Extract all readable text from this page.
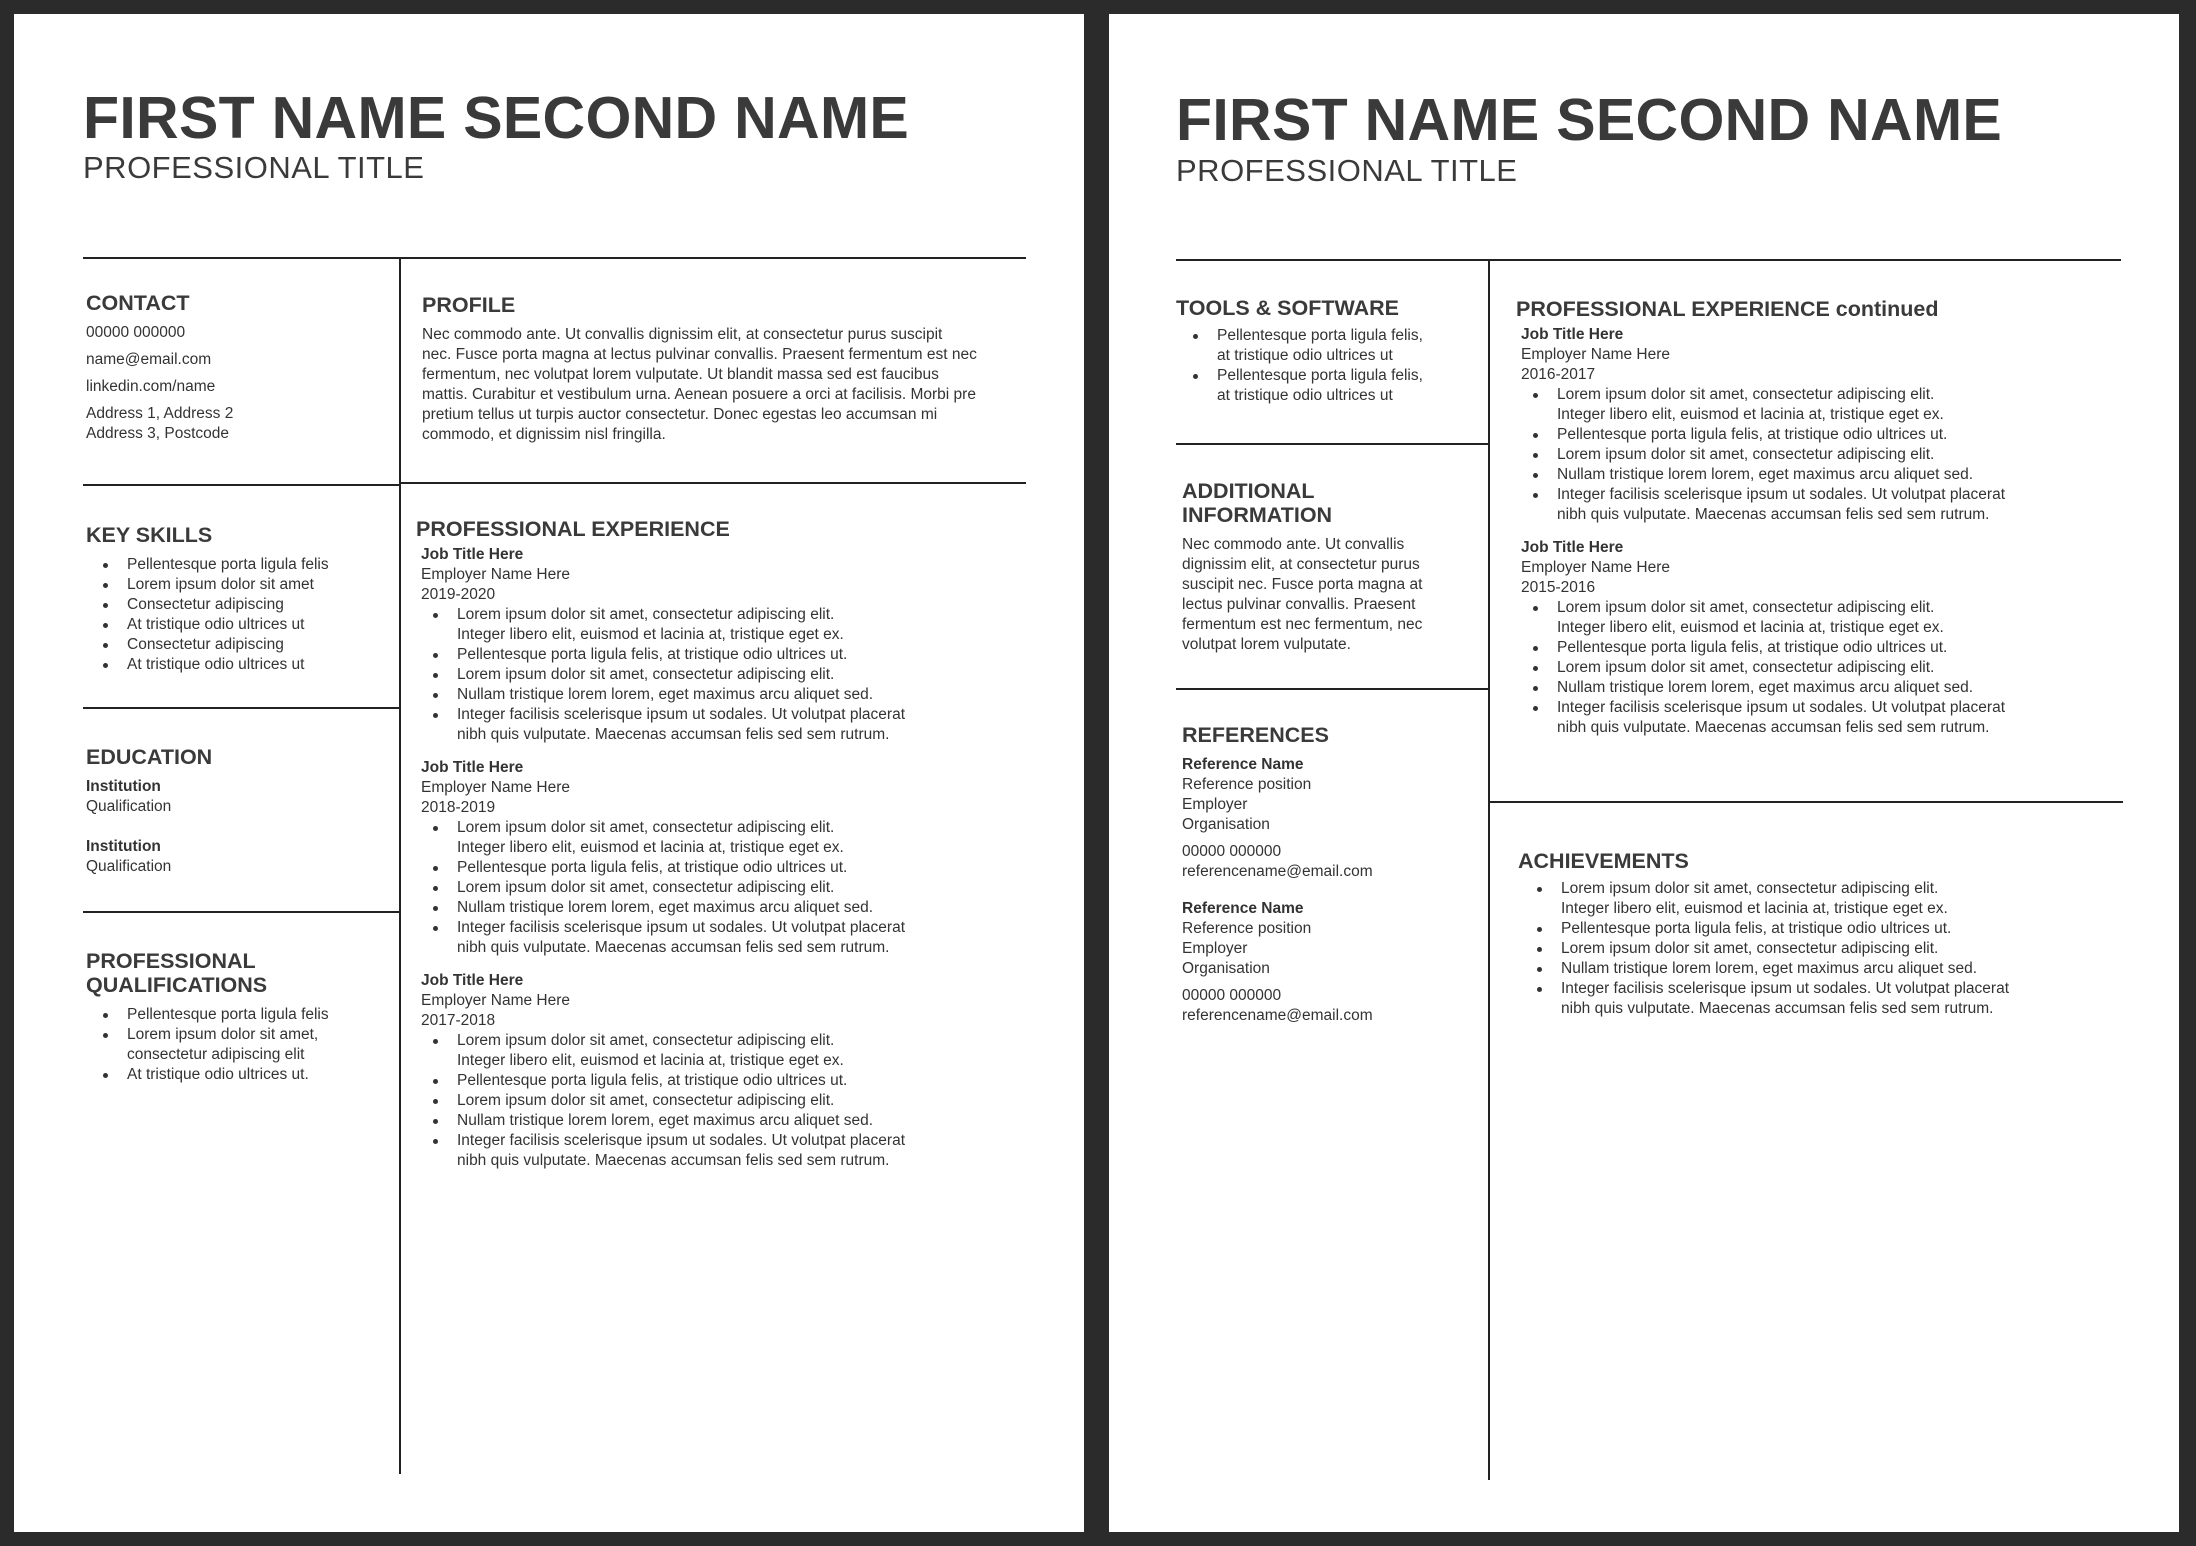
FIRST NAME SECOND NAME
PROFESSIONAL TITLE
CONTACT
00000 000000
name@email.com
linkedin.com/name
Address 1, Address 2
Address 3, Postcode
PROFILE
Nec commodo ante. Ut convallis dignissim elit, at consectetur purus suscipit
nec. Fusce porta magna at lectus pulvinar convallis. Praesent fermentum est nec
fermentum, nec volutpat lorem vulputate. Ut blandit massa sed est faucibus
mattis. Curabitur et vestibulum urna. Aenean posuere a orci at facilisis. Morbi pre
pretium tellus ut turpis auctor consectetur. Donec egestas leo accumsan mi
commodo, et dignissim nisl fringilla.
KEY SKILLS
Pellentesque porta ligula felis
Lorem ipsum dolor sit amet
Consectetur adipiscing
At tristique odio ultrices ut
Consectetur adipiscing
At tristique odio ultrices ut
EDUCATION
Institution
Qualification
Institution
Qualification
PROFESSIONAL
QUALIFICATIONS
Pellentesque porta ligula felis
Lorem ipsum dolor sit amet,
consectetur adipiscing elit
At tristique odio ultrices ut.
PROFESSIONAL EXPERIENCE
Job Title Here
Employer Name Here
2019-2020
Lorem ipsum dolor sit amet, consectetur adipiscing elit.
Integer libero elit, euismod et lacinia at, tristique eget ex.
Pellentesque porta ligula felis, at tristique odio ultrices ut.
Lorem ipsum dolor sit amet, consectetur adipiscing elit.
Nullam tristique lorem lorem, eget maximus arcu aliquet sed.
Integer facilisis scelerisque ipsum ut sodales. Ut volutpat placerat
nibh quis vulputate. Maecenas accumsan felis sed sem rutrum.
Job Title Here
Employer Name Here
2018-2019
Lorem ipsum dolor sit amet, consectetur adipiscing elit.
Integer libero elit, euismod et lacinia at, tristique eget ex.
Pellentesque porta ligula felis, at tristique odio ultrices ut.
Lorem ipsum dolor sit amet, consectetur adipiscing elit.
Nullam tristique lorem lorem, eget maximus arcu aliquet sed.
Integer facilisis scelerisque ipsum ut sodales. Ut volutpat placerat
nibh quis vulputate. Maecenas accumsan felis sed sem rutrum.
Job Title Here
Employer Name Here
2017-2018
Lorem ipsum dolor sit amet, consectetur adipiscing elit.
Integer libero elit, euismod et lacinia at, tristique eget ex.
Pellentesque porta ligula felis, at tristique odio ultrices ut.
Lorem ipsum dolor sit amet, consectetur adipiscing elit.
Nullam tristique lorem lorem, eget maximus arcu aliquet sed.
Integer facilisis scelerisque ipsum ut sodales. Ut volutpat placerat
nibh quis vulputate. Maecenas accumsan felis sed sem rutrum.
FIRST NAME SECOND NAME
PROFESSIONAL TITLE
TOOLS & SOFTWARE
Pellentesque porta ligula felis,
at tristique odio ultrices ut
Pellentesque porta ligula felis,
at tristique odio ultrices ut
ADDITIONAL
INFORMATION
Nec commodo ante. Ut convallis
dignissim elit, at consectetur purus
suscipit nec. Fusce porta magna at
lectus pulvinar convallis. Praesent
fermentum est nec fermentum, nec
volutpat lorem vulputate.
REFERENCES
Reference Name
Reference position
Employer
Organisation
00000 000000
referencename@email.com
Reference Name
Reference position
Employer
Organisation
00000 000000
referencename@email.com
PROFESSIONAL EXPERIENCE continued
Job Title Here
Employer Name Here
2016-2017
Lorem ipsum dolor sit amet, consectetur adipiscing elit.
Integer libero elit, euismod et lacinia at, tristique eget ex.
Pellentesque porta ligula felis, at tristique odio ultrices ut.
Lorem ipsum dolor sit amet, consectetur adipiscing elit.
Nullam tristique lorem lorem, eget maximus arcu aliquet sed.
Integer facilisis scelerisque ipsum ut sodales. Ut volutpat placerat
nibh quis vulputate. Maecenas accumsan felis sed sem rutrum.
Job Title Here
Employer Name Here
2015-2016
Lorem ipsum dolor sit amet, consectetur adipiscing elit.
Integer libero elit, euismod et lacinia at, tristique eget ex.
Pellentesque porta ligula felis, at tristique odio ultrices ut.
Lorem ipsum dolor sit amet, consectetur adipiscing elit.
Nullam tristique lorem lorem, eget maximus arcu aliquet sed.
Integer facilisis scelerisque ipsum ut sodales. Ut volutpat placerat
nibh quis vulputate. Maecenas accumsan felis sed sem rutrum.
ACHIEVEMENTS
Lorem ipsum dolor sit amet, consectetur adipiscing elit.
Integer libero elit, euismod et lacinia at, tristique eget ex.
Pellentesque porta ligula felis, at tristique odio ultrices ut.
Lorem ipsum dolor sit amet, consectetur adipiscing elit.
Nullam tristique lorem lorem, eget maximus arcu aliquet sed.
Integer facilisis scelerisque ipsum ut sodales. Ut volutpat placerat
nibh quis vulputate. Maecenas accumsan felis sed sem rutrum.
